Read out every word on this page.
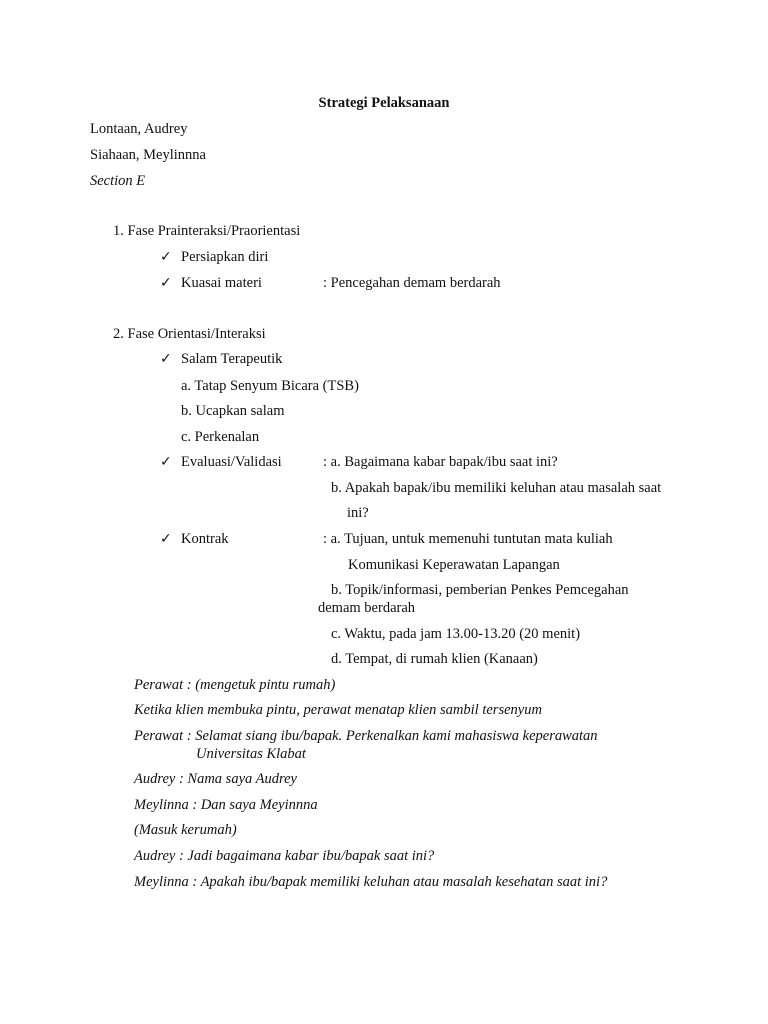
Strategi Pelaksanaan
Lontaan, Audrey
Siahaan, Meylinnna
Section E
1. Fase Prainteraksi/Praorientasi
✓ Persiapkan diri
✓ Kuasai materi	: Pencegahan demam berdarah
2. Fase Orientasi/Interaksi
✓ Salam Terapeutik
a. Tatap Senyum Bicara (TSB)
b. Ucapkan salam
c. Perkenalan
✓ Evaluasi/Validasi	: a. Bagaimana kabar bapak/ibu saat ini?
b. Apakah bapak/ibu memiliki keluhan atau masalah saat
ini?
✓ Kontrak	: a. Tujuan, untuk memenuhi tuntutan mata kuliah
Komunikasi Keperawatan Lapangan
b. Topik/informasi, pemberian Penkes Pemcegahan
demam berdarah
c. Waktu, pada jam 13.00-13.20 (20 menit)
d. Tempat, di rumah klien (Kanaan)
Perawat : (mengetuk pintu rumah)
Ketika klien membuka pintu, perawat menatap klien sambil tersenyum
Perawat : Selamat siang ibu/bapak. Perkenalkan kami mahasiswa keperawatan
Universitas Klabat
Audrey : Nama saya Audrey
Meylinna : Dan saya Meyinnna
(Masuk kerumah)
Audrey : Jadi bagaimana kabar ibu/bapak saat ini?
Meylinna : Apakah ibu/bapak memiliki keluhan atau masalah kesehatan saat ini?
